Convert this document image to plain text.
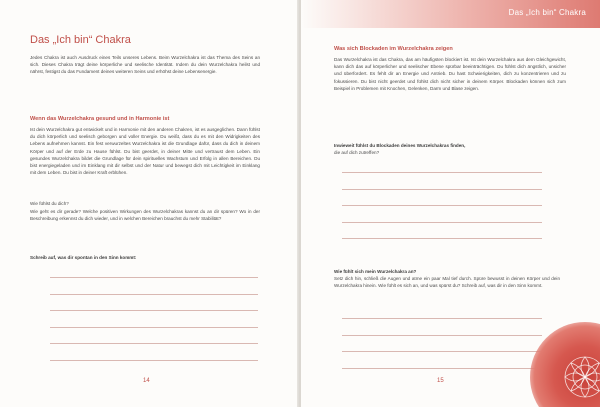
Das „Ich bin“ Chakra
Jedes Chakra ist auch Ausdruck eines Teils unseres Lebens. Beim Wurzelchakra ist das Thema des Seins an sich. Dieses Chakra trägt deine körperliche und seelische Identität. Indem du dein Wurzelchakra heilst und nährst, festigst du das Fundament deines weiteren Seins und erhöhst deine Lebensenergie.
Wenn das Wurzelchakra gesund und in Harmonie ist
Ist dein Wurzelchakra gut entwickelt und in Harmonie mit den anderen Chakren, ist es ausgeglichen. Dann fühlst du dich körperlich und seelisch geborgen und voller Energie. Du weißt, dass du es mit den Widrigkeiten des Lebens aufnehmen kannst. Ein fest verwurzeltes Wurzelchakra ist die Grundlage dafür, dass du dich in deinem Körper und auf der Erde zu Hause fühlst. Du bist geerdet, in deiner Mitte und vertraust dem Leben. Ein gesundes Wurzelchakra bildet die Grundlage für dein spirituelles Wachstum und Erfolg in allen Bereichen. Du bist energiegeladen und im Einklang mit dir selbst und der Natur und bewegst dich mit Leichtigkeit im Einklang mit dem Leben. Du bist in deiner Kraft erblühen.
Wie fühlst du dich?
Wie geht es dir gerade? Welche positiven Wirkungen des Wurzelchakras kannst du an dir spüren? Wo in der Beschreibung erkennst du dich wieder, und in welchen Bereichen brauchst du mehr Stabilität?
Schreib auf, was dir spontan in den Sinn kommt:
14
Das „Ich bin“ Chakra
Was sich Blockaden im Wurzelchakra zeigen
Das Wurzelchakra ist das Chakra, das am häufigsten blockiert ist. Ist dein Wurzelchakra aus dem Gleichgewicht, kann dich das auf körperlicher und seelischer Ebene spürbar beeinträchtigen. Du fühlst dich ängstlich, unsicher und überfordert. Es fehlt dir an Energie und Antrieb. Du hast Schwierigkeiten, dich zu konzentrieren und zu fokussieren. Du bist nicht geerdet und fühlst dich nicht sicher in deinem Körper. Blockaden können sich zum Beispiel in Problemen mit Knochen, Gelenken, Darm und Blase zeigen.
Inwieweit fühlst du Blockaden deines Wurzelchakras finden,
die auf dich zutreffen?
Wie fühlt sich mein Wurzelchakra an?
Setz dich hin, schließ die Augen und atme ein paar Mal tief durch. Spüre bewusst in deinen Körper und dein Wurzelchakra hinein. Wie fühlt es sich an, und was spürst du? Schreib auf, was dir in den Sinn kommt.
15
